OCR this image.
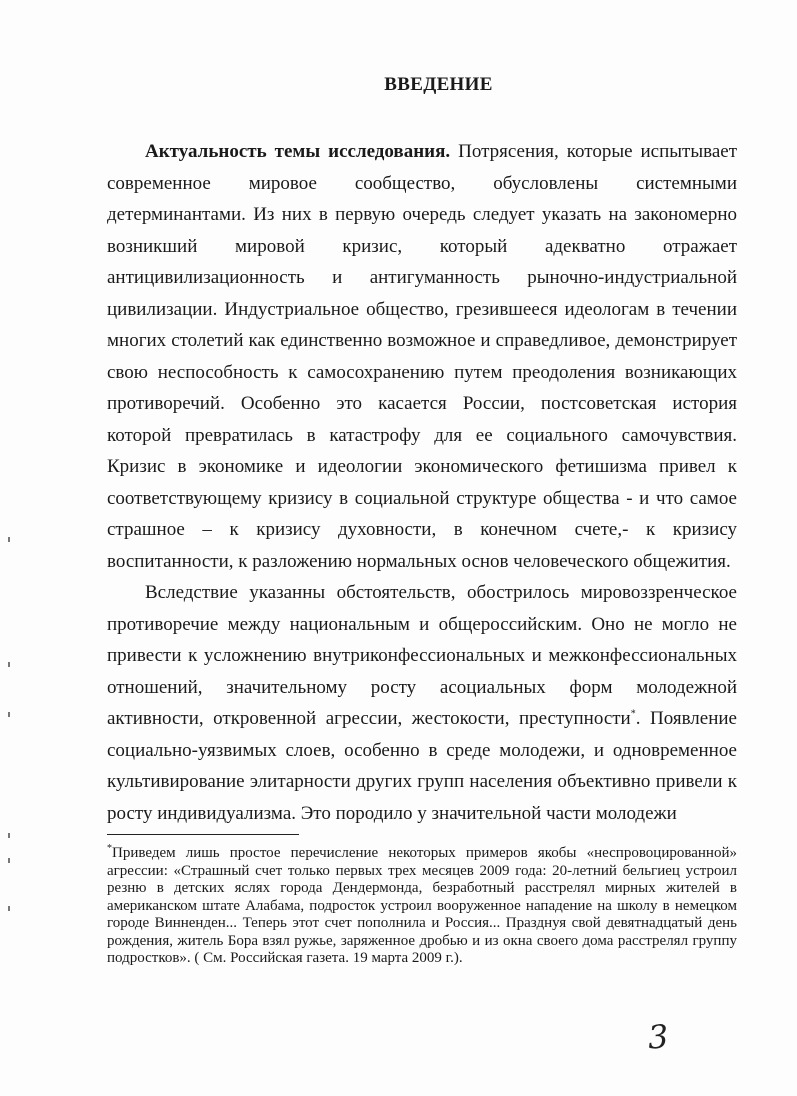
ВВЕДЕНИЕ

Актуальность темы исследования. Потрясения, которые испытывает современное мировое сообщество, обусловлены системными детерминантами. Из них в первую очередь следует указать на закономерно возникший мировой кризис, который адекватно отражает антицивилизационность и антигуманность рыночно-индустриальной цивилизации. Индустриальное общество, грезившееся идеологам в течении многих столетий как единственно возможное и справедливое, демонстрирует свою неспособность к самосохранению путем преодоления возникающих противоречий. Особенно это касается России, постсоветская история которой превратилась в катастрофу для ее социального самочувствия. Кризис в экономике и идеологии экономического фетишизма привел к соответствующему кризису в социальной структуре общества - и что самое страшное – к кризису духовности, в конечном счете,- к кризису воспитанности, к разложению нормальных основ человеческого общежития.

Вследствие указанны обстоятельств, обострилось мировоззренческое противоречие между национальным и общероссийским. Оно не могло не привести к усложнению внутриконфессиональных и межконфессиональных отношений, значительному росту асоциальных форм молодежной активности, откровенной агрессии, жестокости, преступности*. Появление социально-уязвимых слоев, особенно в среде молодежи, и одновременное культивирование элитарности других групп населения объективно привели к росту индивидуализма. Это породило у значительной части молодежи

*Приведем лишь простое перечисление некоторых примеров якобы «неспровоцированной» агрессии: «Страшный счет только первых трех месяцев 2009 года: 20-летний бельгиец устроил резню в детских яслях города Дендермонда, безработный расстрелял мирных жителей в американском штате Алабама, подросток устроил вооруженное нападение на школу в немецком городе Винненден... Теперь этот счет пополнила и Россия... Празднуя свой девятнадцатый день рождения, житель Бора взял ружье, заряженное дробью и из окна своего дома расстрелял группу подростков». ( См. Российская газета. 19 марта 2009 г.).

3
